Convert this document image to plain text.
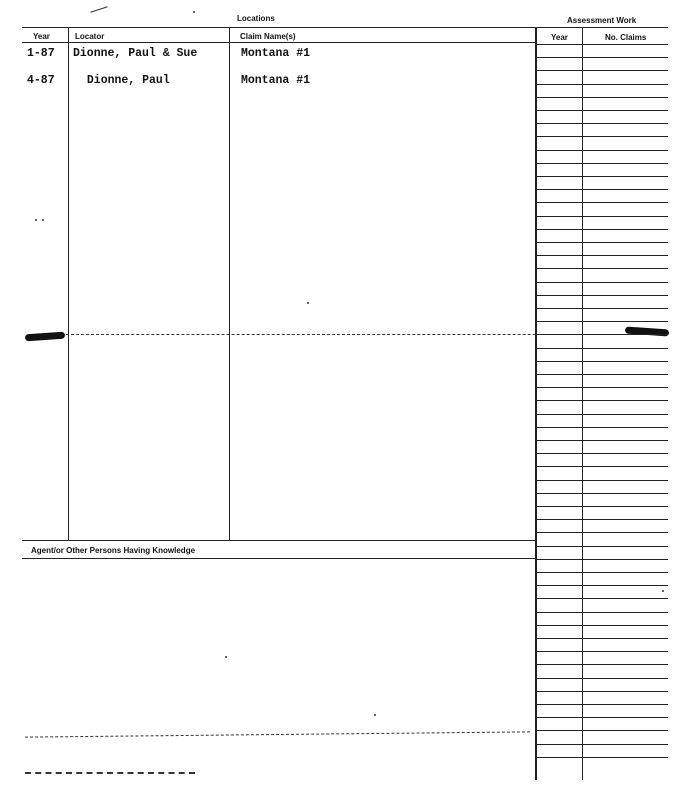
Locations	Assessment Work
Year	Locator	Claim Name(s)	Year	No. Claims
1-87 Dionne, Paul & Sue	Montana #1
4-87 Dionne, Paul	Montana #1
Agent/or Other Persons Having Knowledge
